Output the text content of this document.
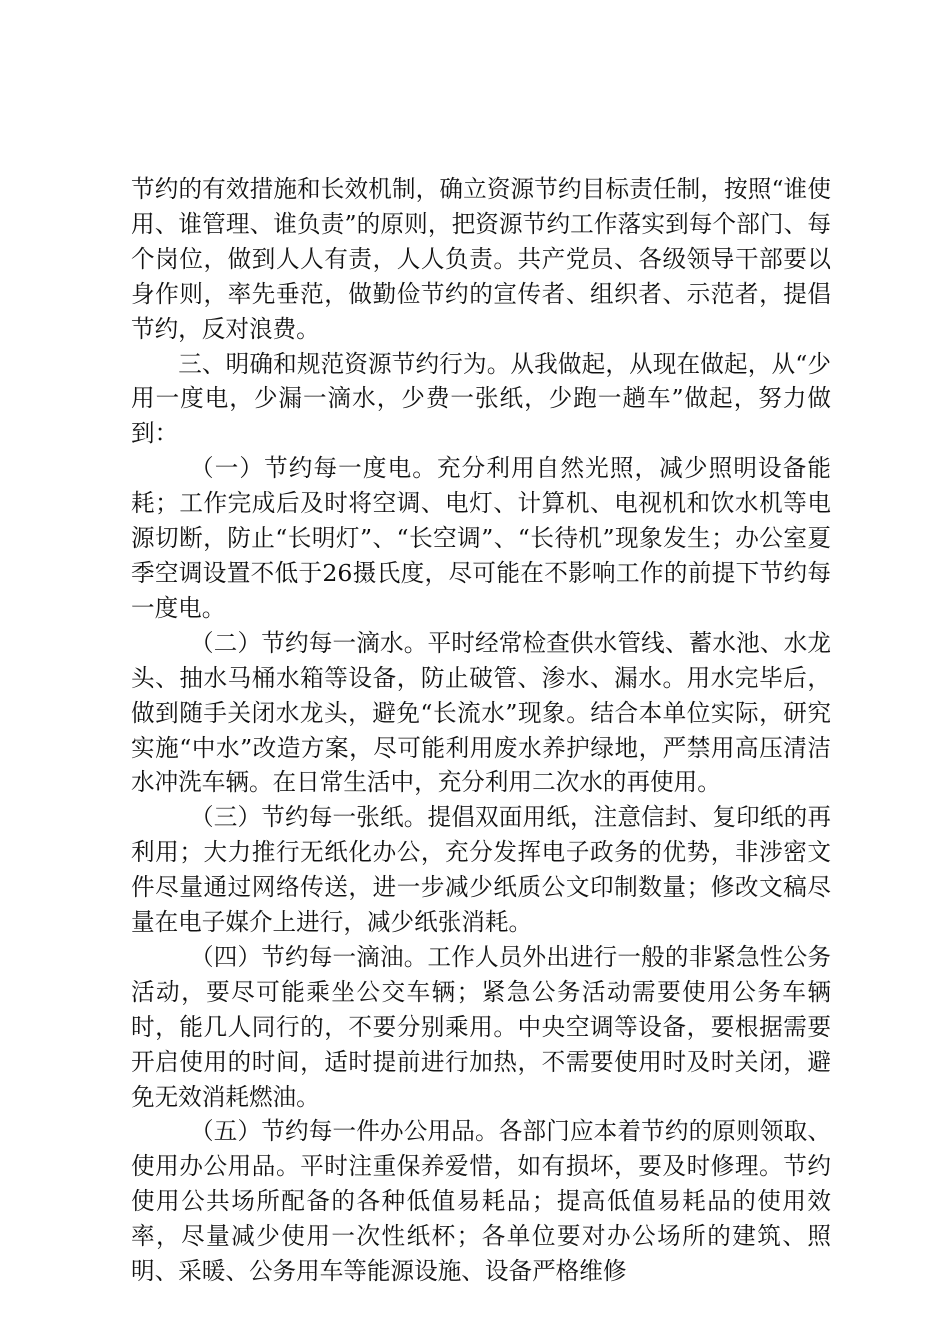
节约的有效措施和长效机制，确立资源节约目标责任制，按照“谁使用、谁管理、谁负责”的原则，把资源节约工作落实到每个部门、每个岗位，做到人人有责，人人负责。共产党员、各级领导干部要以身作则，率先垂范，做勤俭节约的宣传者、组织者、示范者，提倡节约，反对浪费。

三、明确和规范资源节约行为。从我做起，从现在做起，从“少用一度电，少漏一滴水，少费一张纸，少跑一趟车”做起，努力做到：

（一）节约每一度电。充分利用自然光照，减少照明设备能耗；工作完成后及时将空调、电灯、计算机、电视机和饮水机等电源切断，防止“长明灯”、“长空调”、“长待机”现象发生；办公室夏季空调设置不低于26摄氏度，尽可能在不影响工作的前提下节约每一度电。

（二）节约每一滴水。平时经常检查供水管线、蓄水池、水龙头、抽水马桶水箱等设备，防止破管、渗水、漏水。用水完毕后，做到随手关闭水龙头，避免“长流水”现象。结合本单位实际，研究实施“中水”改造方案，尽可能利用废水养护绿地，严禁用高压清洁水冲洗车辆。在日常生活中，充分利用二次水的再使用。

（三）节约每一张纸。提倡双面用纸，注意信封、复印纸的再利用；大力推行无纸化办公，充分发挥电子政务的优势，非涉密文件尽量通过网络传送，进一步减少纸质公文印制数量；修改文稿尽量在电子媒介上进行，减少纸张消耗。

（四）节约每一滴油。工作人员外出进行一般的非紧急性公务活动，要尽可能乘坐公交车辆；紧急公务活动需要使用公务车辆时，能几人同行的，不要分别乘用。中央空调等设备，要根据需要开启使用的时间，适时提前进行加热，不需要使用时及时关闭，避免无效消耗燃油。

（五）节约每一件办公用品。各部门应本着节约的原则领取、使用办公用品。平时注重保养爱惜，如有损坏，要及时修理。节约使用公共场所配备的各种低值易耗品；提高低值易耗品的使用效率，尽量减少使用一次性纸杯；各单位要对办公场所的建筑、照明、采暖、公务用车等能源设施、设备严格维修
